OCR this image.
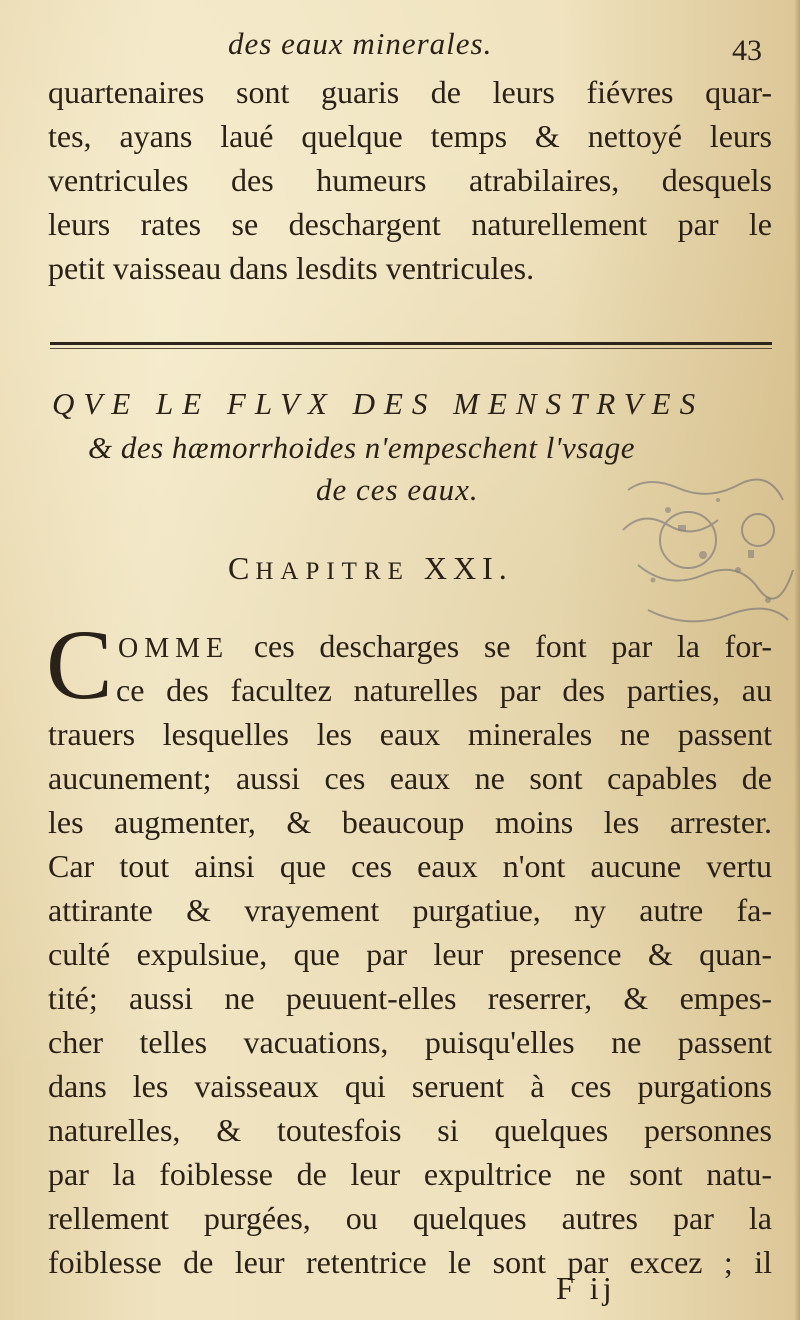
des eaux minerales.	43
quartenaires sont guaris de leurs fiévres quar-
tes, ayans laué quelque temps & nettoyé leurs
ventricules des humeurs atrabilaires, desquels
leurs rates se deschargent naturellement par le
petit vaisseau dans lesdits ventricules.
QVE LE FLVX DES MENSTRVES
& des hæmorrhoides n'empeschent l'vsage
de ces eaux.
CHAPITRE XXI.
C OMME ces descharges se font par la for-
ce des facultez naturelles par des parties, au
trauers lesquelles les eaux minerales ne passent
aucunement; aussi ces eaux ne sont capables de
les augmenter, & beaucoup moins les arrester.
Car tout ainsi que ces eaux n'ont aucune vertu
attirante & vrayement purgatiue, ny autre fa-
culté expulsiue, que par leur presence & quan-
tité; aussi ne peuuent-elles reserrer, & empes-
cher telles vacuations, puisqu'elles ne passent
dans les vaisseaux qui seruent à ces purgations
naturelles, & toutesfois si quelques personnes
par la foiblesse de leur expultrice ne sont natu-
rellement purgées, ou quelques autres par la
foiblesse de leur retentrice le sont par excez ; il
F ij
